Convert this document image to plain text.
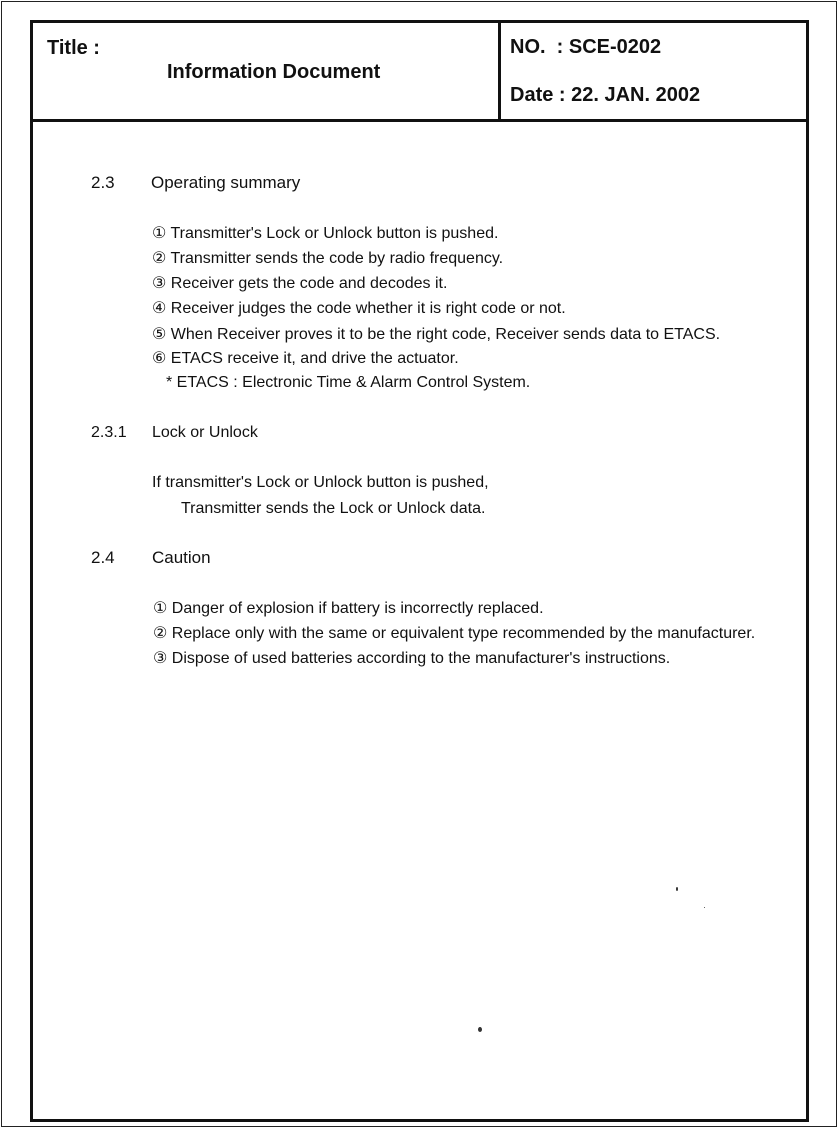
Title :
Information Document
NO.  : SCE-0202
Date : 22. JAN. 2002
2.3 Operating summary
① Transmitter's Lock or Unlock button is pushed.
② Transmitter sends the code by radio frequency.
③ Receiver gets the code and decodes it.
④ Receiver judges the code whether it is right code or not.
⑤ When Receiver proves it to be the right code, Receiver sends data to ETACS.
⑥ ETACS receive it, and drive the actuator.
* ETACS : Electronic Time & Alarm Control System.
2.3.1 Lock or Unlock
If transmitter's Lock or Unlock button is pushed,
Transmitter sends the Lock or Unlock data.
2.4 Caution
① Danger of explosion if battery is incorrectly replaced.
② Replace only with the same or equivalent type recommended by the manufacturer.
③ Dispose of used batteries according to the manufacturer's instructions.
